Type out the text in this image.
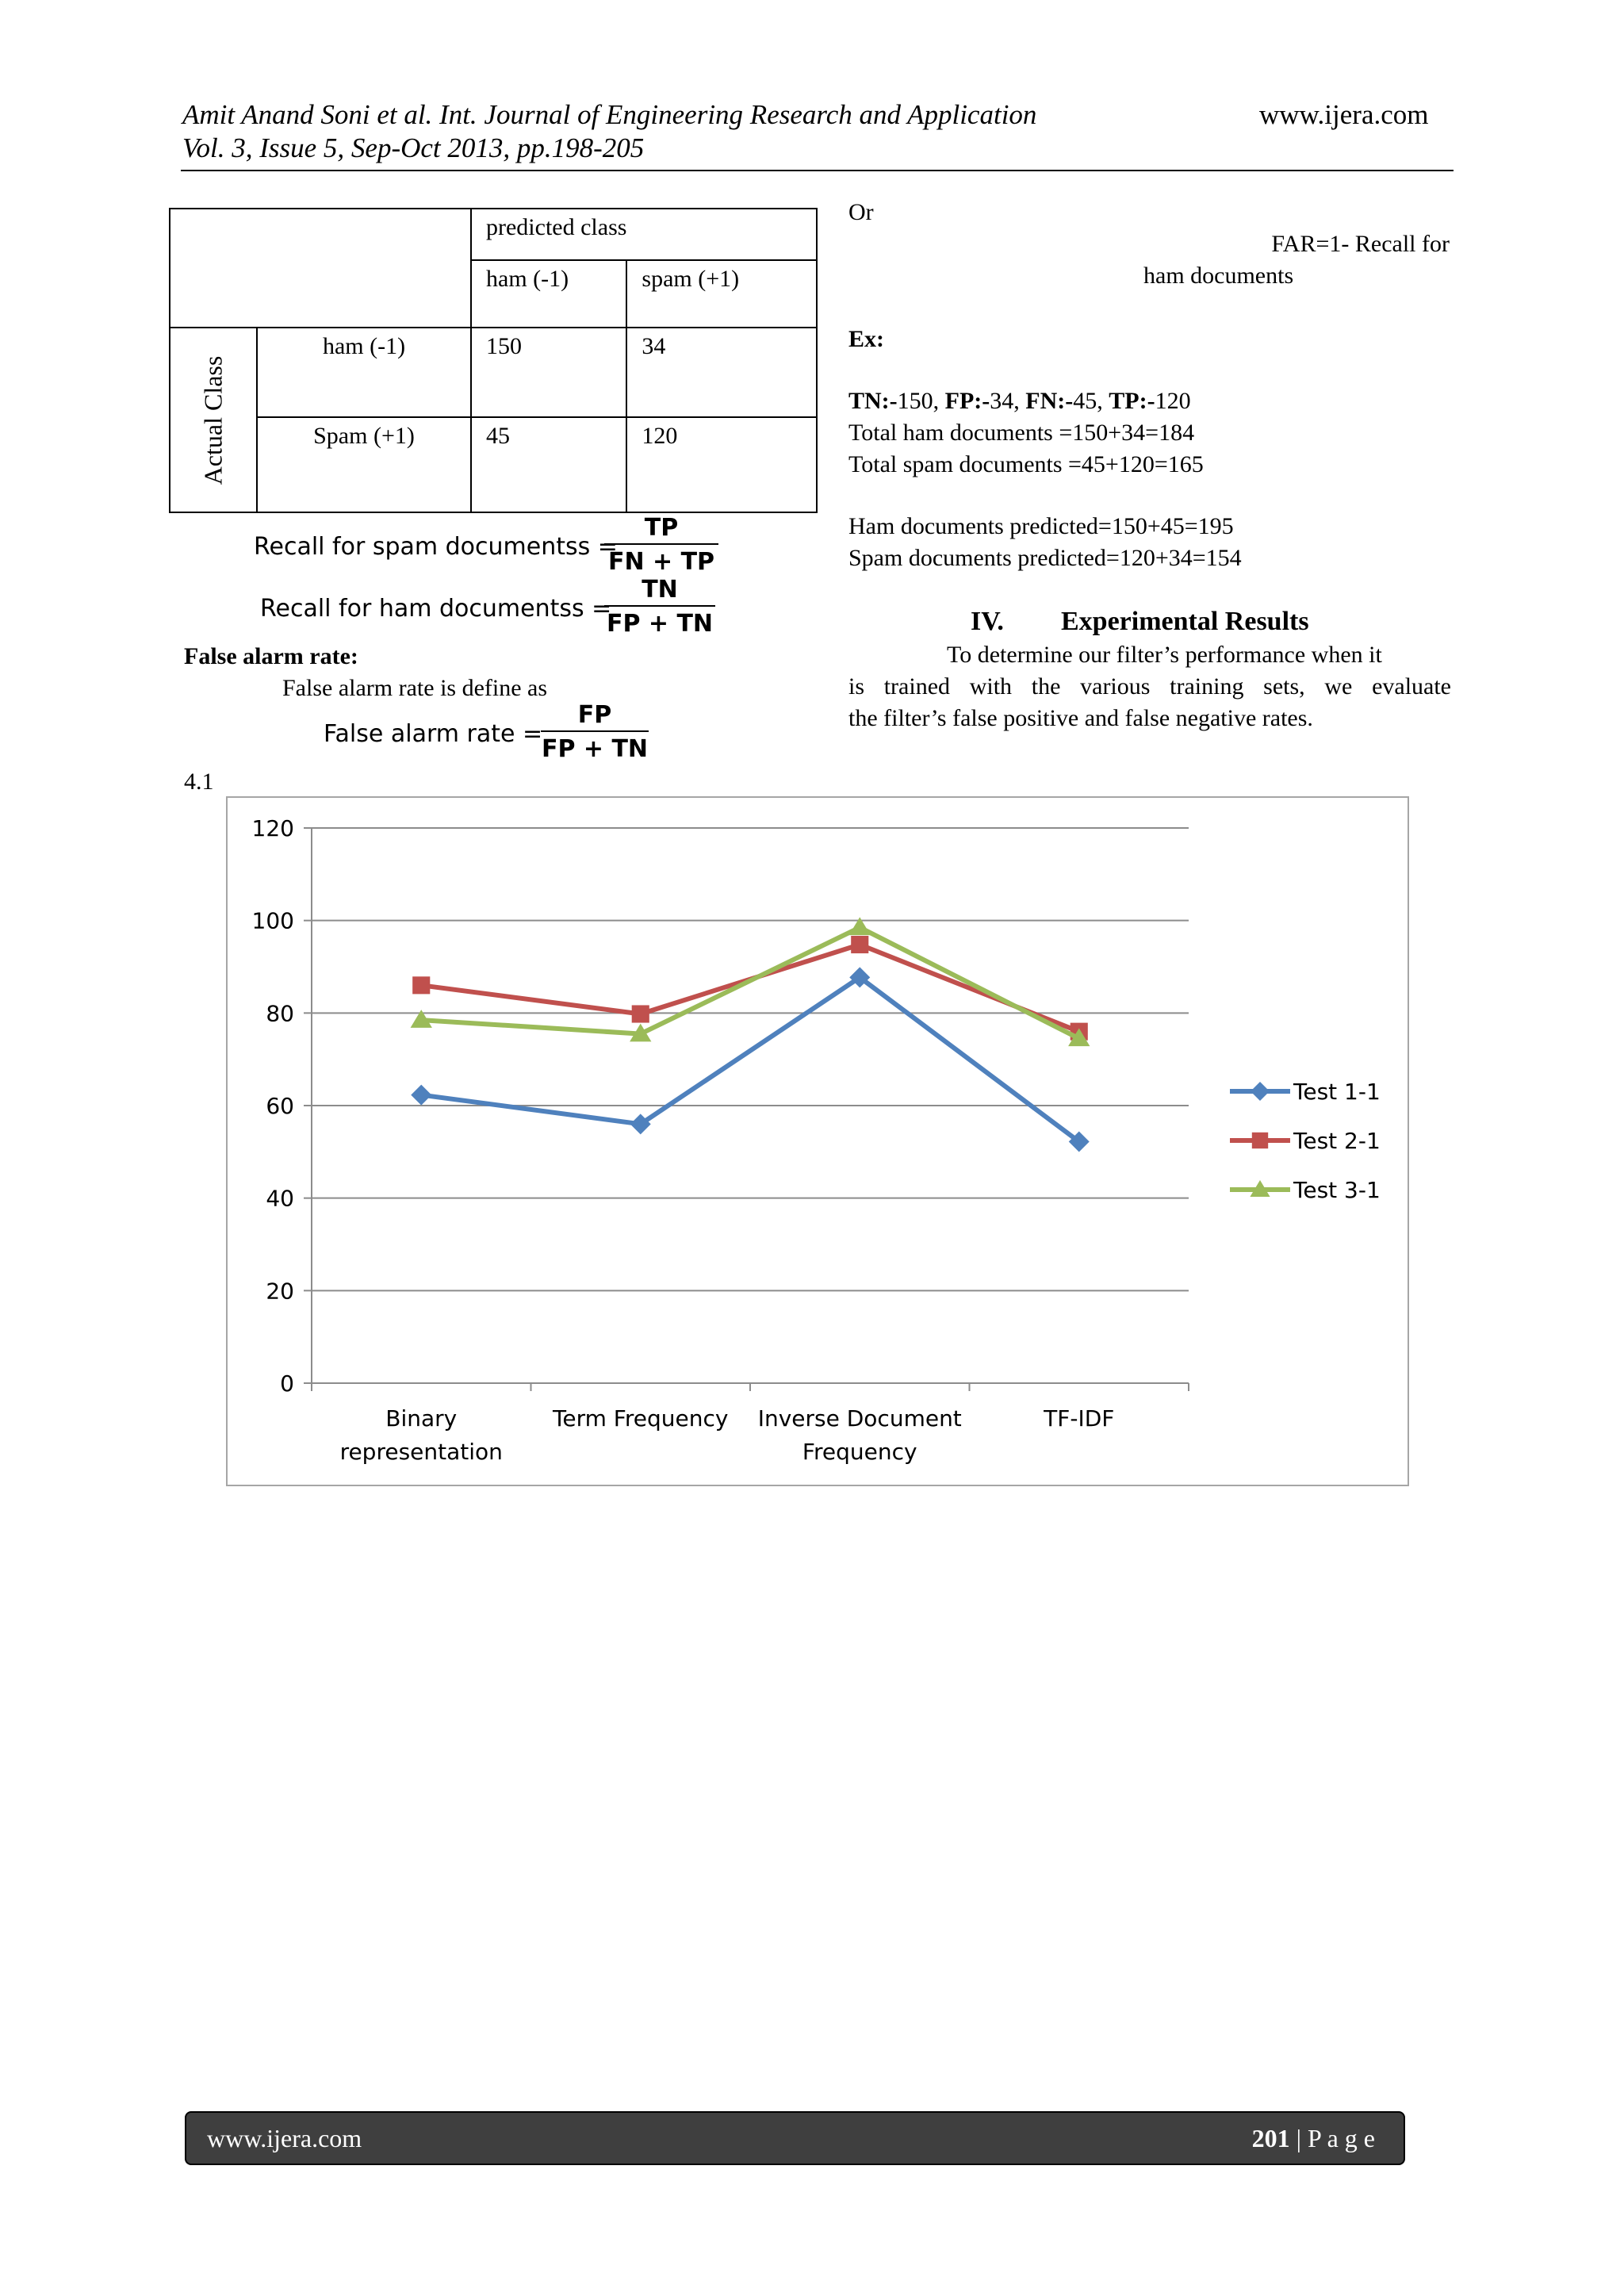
Amit Anand Soni et al. Int. Journal of Engineering Research and Application
Vol. 3, Issue 5, Sep-Oct 2013, pp.198-205
www.ijera.com
		predicted class	
		ham (-1)	spam (+1)

Actual Class	ham (-1)	150	34
	Spam (+1)	45	120
Recall for spam documentss =
$\frac{TP}{FN + TP}$
Recall for ham documentss =
$\frac{TN}{FP + TN}$
False alarm rate:
False alarm rate is define as
False alarm rate =
$\frac{FP}{FP + TN}$
4.1
Or
FAR=1- Recall for
ham documents
Ex:
TN:-150, FP:-34, FN:-45, TP:-120
Total ham documents =150+34=184
Total spam documents =45+120=165
Ham documents predicted=150+45=195
Spam documents predicted=120+34=154
IV. Experimental Results
To determine our filter’s performance when it
is trained with the various training sets, we evaluate
the filter’s false positive and false negative rates.
0
20
40
60
80
100
120
Binary
representation
Term Frequency Inverse Document
Frequency
TF-IDF
Test 1-1
Test 2-1
Test 3-1
www.ijera.com	201 | P a g e
